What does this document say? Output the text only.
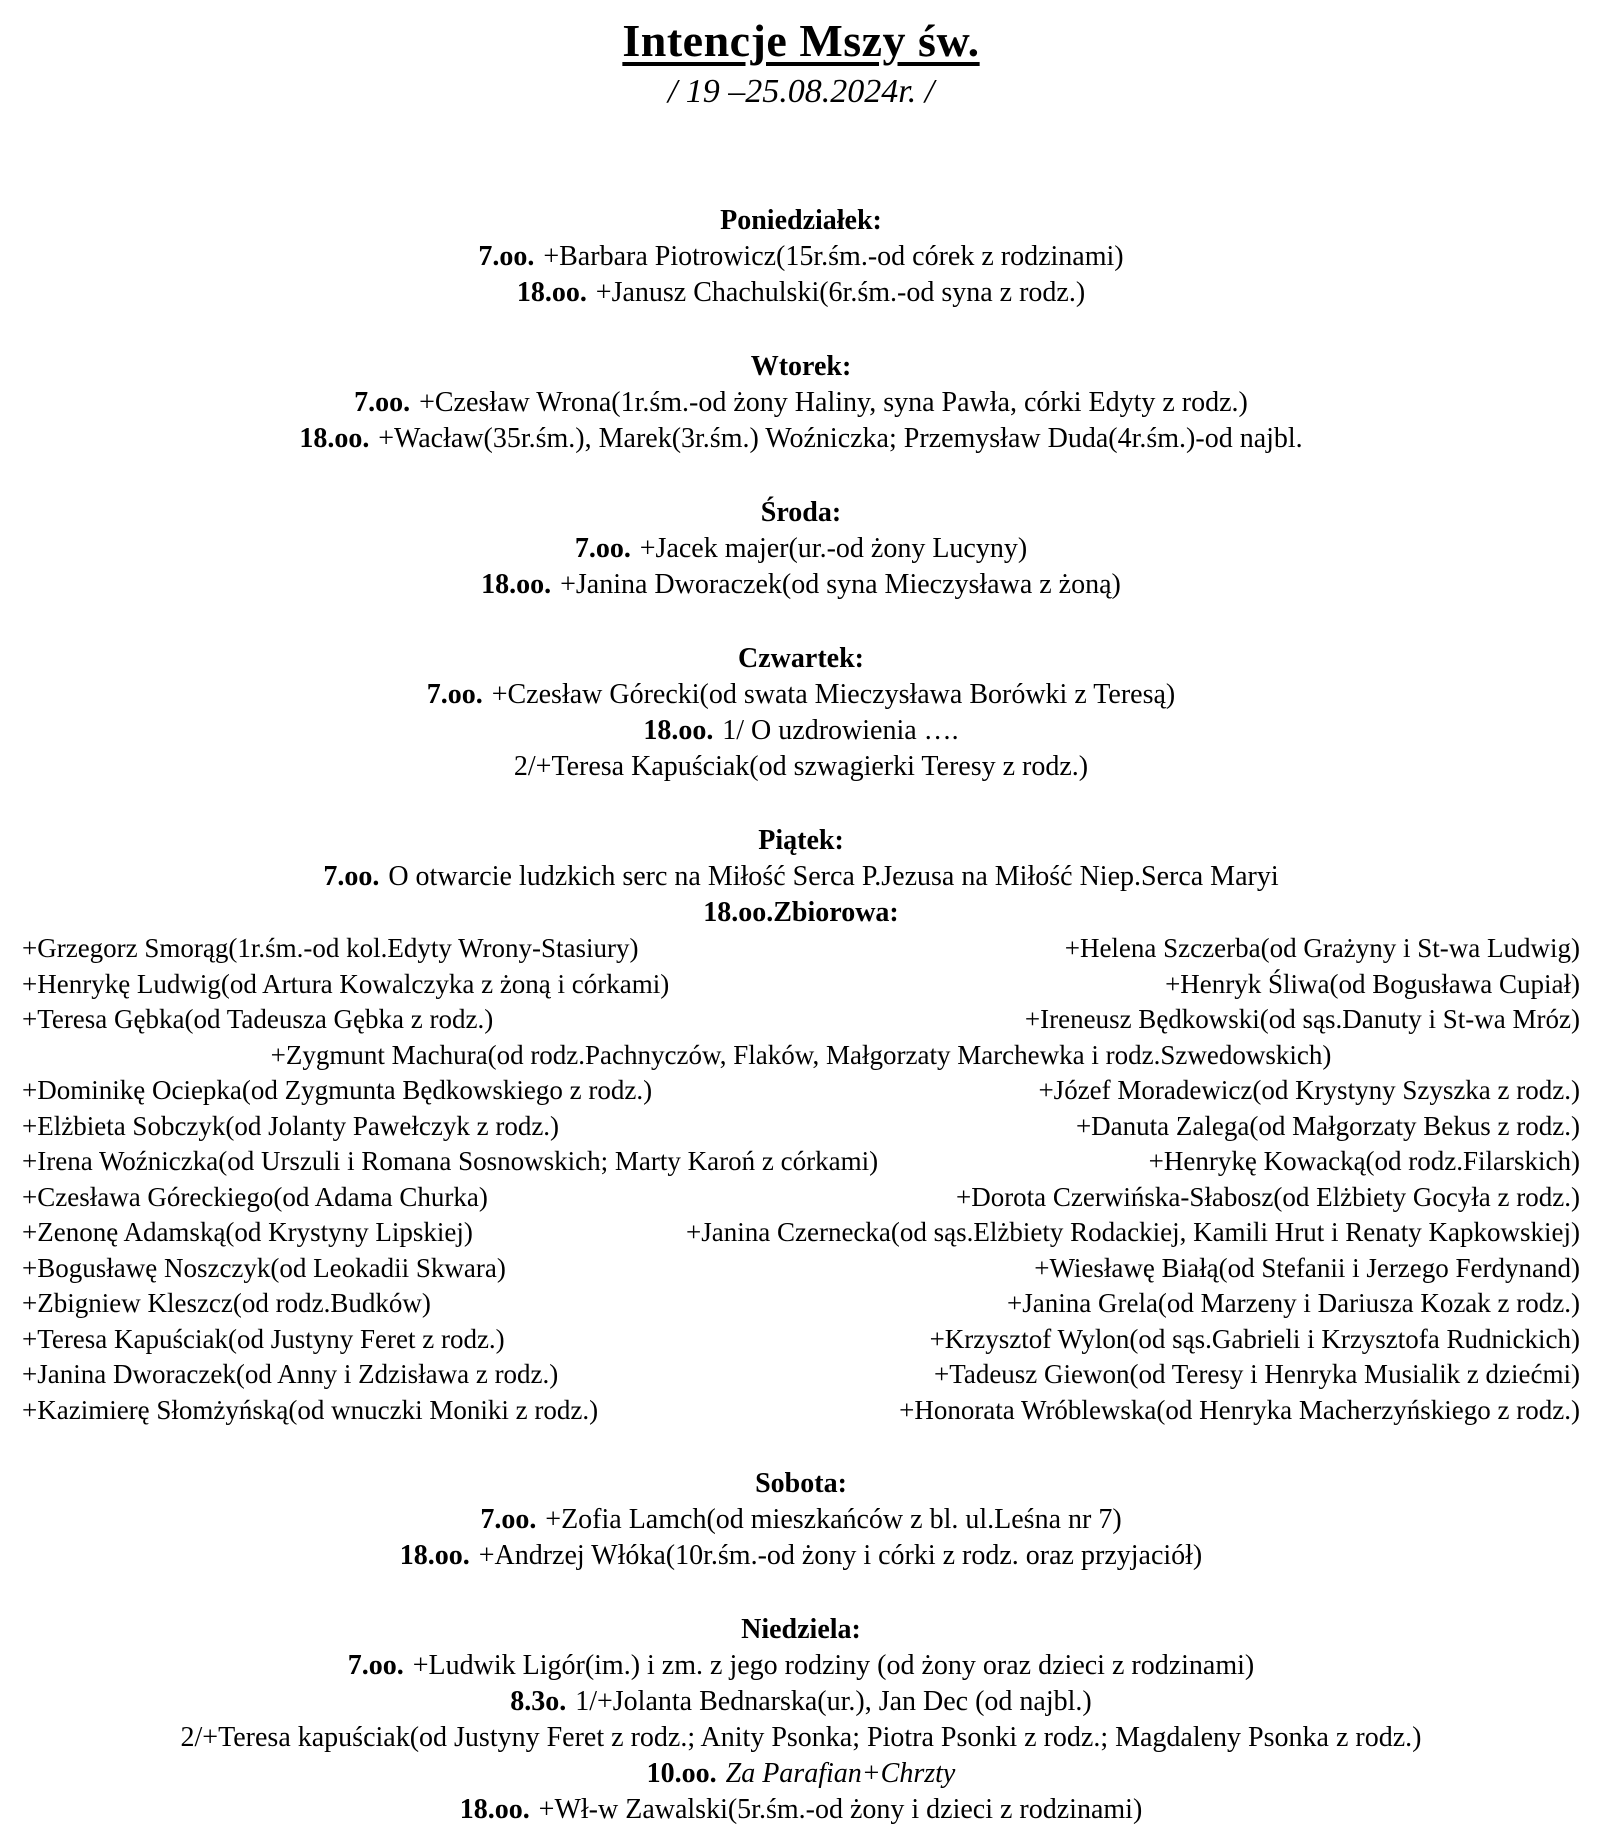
Intencje Mszy św.
/ 19 –25.08.2024r. /
Poniedziałek:

7.oo. +Barbara Piotrowicz(15r.śm.-od córek z rodzinami)

18.oo. +Janusz Chachulski(6r.śm.-od syna z rodz.)

Wtorek:

7.oo. +Czesław Wrona(1r.śm.-od żony Haliny, syna Pawła, córki Edyty z rodz.)

18.oo. +Wacław(35r.śm.), Marek(3r.śm.) Woźniczka; Przemysław Duda(4r.śm.)-od najbl.

Środa:

7.oo. +Jacek majer(ur.-od żony Lucyny)

18.oo. +Janina Dworaczek(od syna Mieczysława z żoną)

Czwartek:

7.oo. +Czesław Górecki(od swata Mieczysława Borówki z Teresą)

18.oo. 1/ O uzdrowienia ….

2/+Teresa Kapuściak(od szwagierki Teresy z rodz.)

Piątek:

7.oo. O otwarcie ludzkich serc na Miłość Serca P.Jezusa na Miłość Niep.Serca Maryi

18.oo.Zbiorowa:
+Grzegorz Smorąg(1r.śm.-od kol.Edyty Wrony-Stasiury)	+Helena Szczerba(od Grażyny i St-wa Ludwig)
+Henrykę Ludwig(od Artura Kowalczyka z żoną i córkami)	+Henryk Śliwa(od Bogusława Cupiał)
+Teresa Gębka(od Tadeusza Gębka z rodz.)	+Ireneusz Będkowski(od sąs.Danuty i St-wa Mróz)
+Zygmunt Machura(od rodz.Pachnyczów, Flaków, Małgorzaty Marchewka i rodz.Szwedowskich)
+Dominikę Ociepka(od Zygmunta Będkowskiego z rodz.)	+Józef Moradewicz(od Krystyny Szyszka z rodz.)
+Elżbieta Sobczyk(od Jolanty Pawełczyk z rodz.)	+Danuta Zalega(od Małgorzaty Bekus z rodz.)
+Irena Woźniczka(od Urszuli i Romana Sosnowskich; Marty Karoń z córkami)	+Henrykę Kowacką(od rodz.Filarskich)
+Czesława Góreckiego(od Adama Churka)	+Dorota Czerwińska-Słabosz(od Elżbiety Gocyła z rodz.)
+Zenonę Adamską(od Krystyny Lipskiej)	+Janina Czernecka(od sąs.Elżbiety Rodackiej, Kamili Hrut i Renaty Kapkowskiej)
+Bogusławę Noszczyk(od Leokadii Skwara)	+Wiesławę Białą(od Stefanii i Jerzego Ferdynand)
+Zbigniew Kleszcz(od rodz.Budków)	+Janina Grela(od Marzeny i Dariusza Kozak z rodz.)
+Teresa Kapuściak(od Justyny Feret z rodz.)	+Krzysztof Wylon(od sąs.Gabrieli i Krzysztofa Rudnickich)
+Janina Dworaczek(od Anny i Zdzisława z rodz.)	+Tadeusz Giewon(od Teresy i Henryka Musialik z dziećmi)
+Kazimierę Słomżyńską(od wnuczki Moniki z rodz.)	+Honorata Wróblewska(od Henryka Macherzyńskiego z rodz.)
Sobota:

7.oo. +Zofia Lamch(od mieszkańców z bl. ul.Leśna nr 7)

18.oo. +Andrzej Włóka(10r.śm.-od żony i córki z rodz. oraz przyjaciół)

Niedziela:

7.oo. +Ludwik Ligór(im.) i zm. z jego rodziny (od żony oraz dzieci z rodzinami)

8.3o. 1/+Jolanta Bednarska(ur.), Jan Dec (od najbl.)

2/+Teresa kapuściak(od Justyny Feret z rodz.; Anity Psonka; Piotra Psonki z rodz.; Magdaleny Psonka z rodz.)

10.oo. Za Parafian+Chrzty

18.oo. +Wł-w Zawalski(5r.śm.-od żony i dzieci z rodzinami)
